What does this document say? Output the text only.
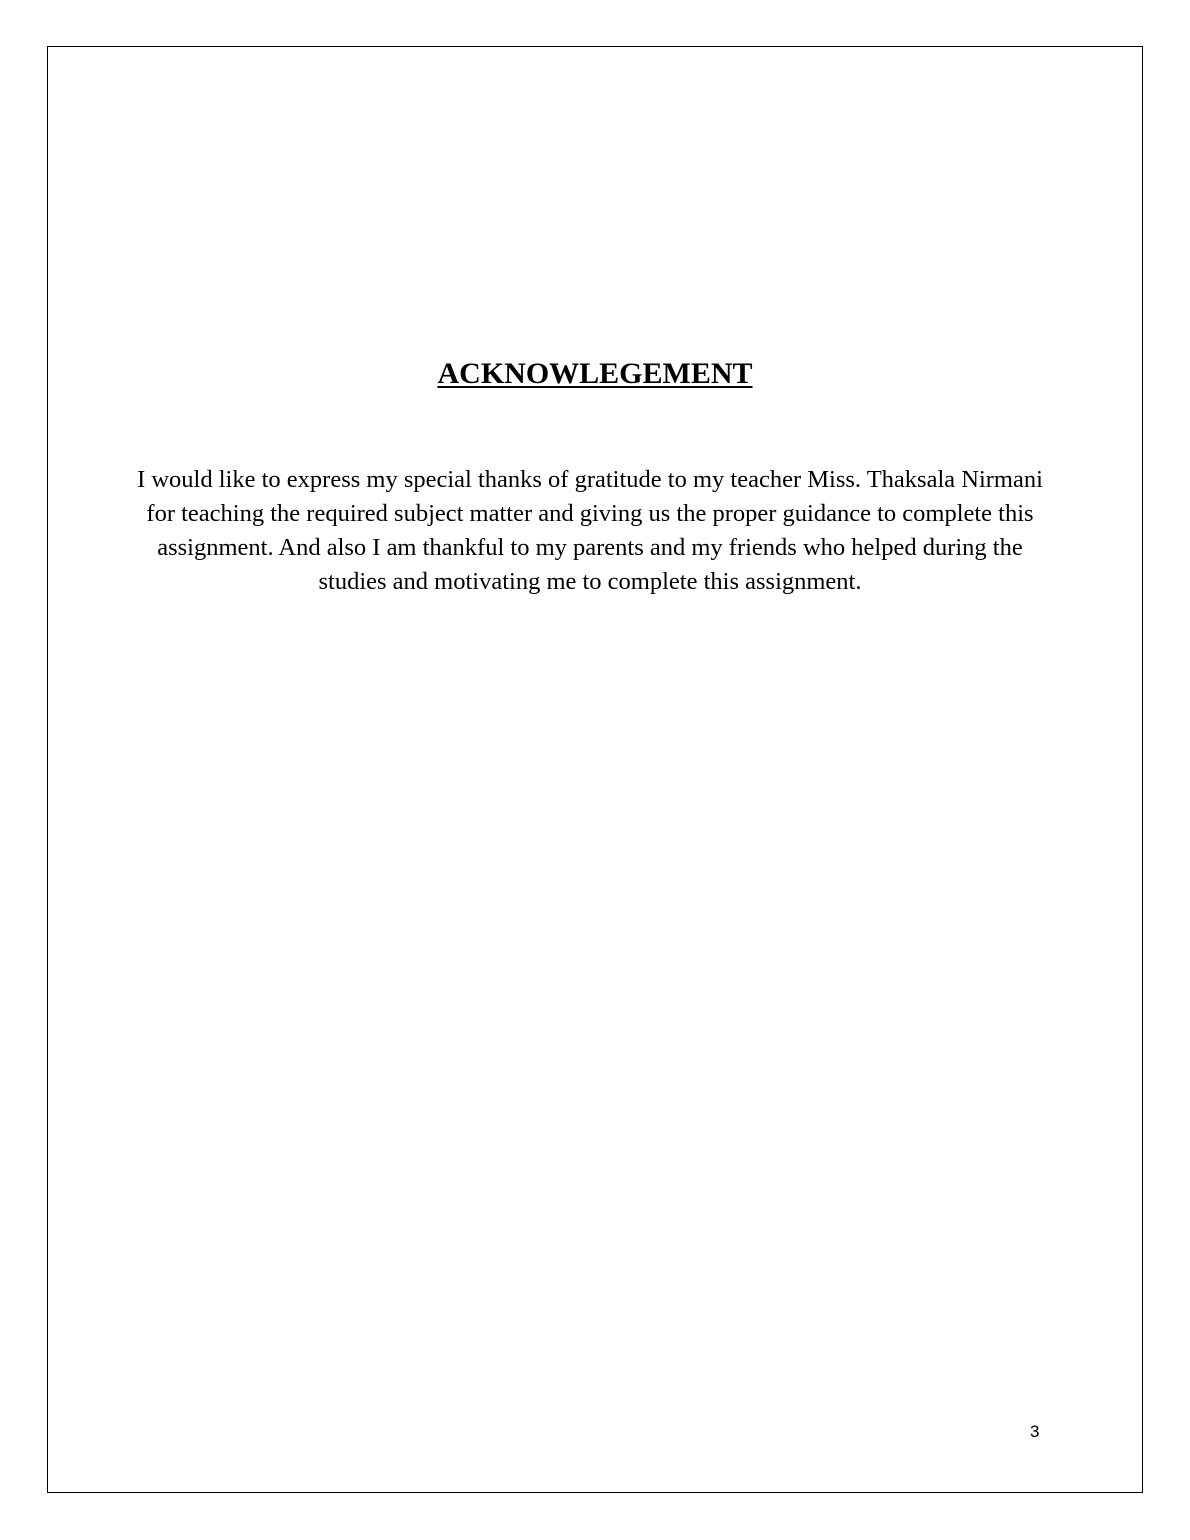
ACKNOWLEGEMENT

I would like to express my special thanks of gratitude to my teacher Miss. Thaksala Nirmani for teaching the required subject matter and giving us the proper guidance to complete this assignment. And also I am thankful to my parents and my friends who helped during the studies and motivating me to complete this assignment.

3
